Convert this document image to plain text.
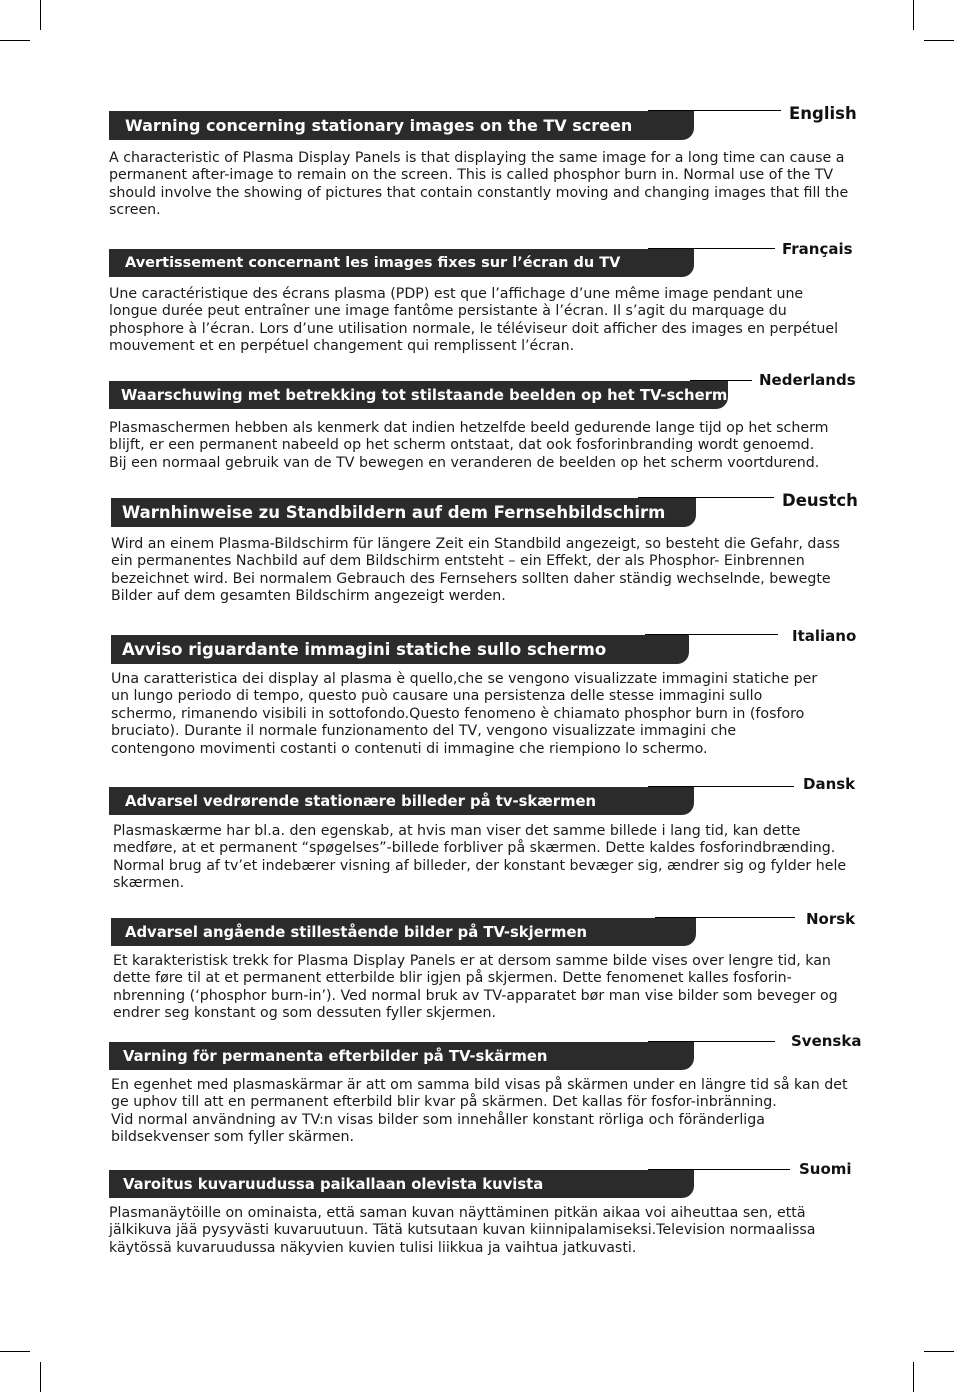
English
Warning concerning stationary images on the TV screen

A characteristic of Plasma Display Panels is that displaying the same image for a long time can cause a permanent after-image to remain on the screen. This is called phosphor burn in. Normal use of the TV should involve the showing of pictures that contain constantly moving and changing images that fill the screen.

Français
Avertissement concernant les images fixes sur l’écran du TV

Une caractéristique des écrans plasma (PDP) est que l’affichage d’une même image pendant une longue durée peut entraîner une image fantôme persistante à l’écran. Il s’agit du marquage du phosphore à l’écran. Lors d’une utilisation normale, le téléviseur doit afficher des images en perpétuel mouvement et en perpétuel changement qui remplissent l’écran.

Nederlands
Waarschuwing met betrekking tot stilstaande beelden op het TV-scherm

Plasmaschermen hebben als kenmerk dat indien hetzelfde beeld gedurende lange tijd op het scherm blijft, er een permanent nabeeld op het scherm ontstaat, dat ook fosforinbranding wordt genoemd.

Bij een normaal gebruik van de TV bewegen en veranderen de beelden op het scherm voortdurend.

Deustch
Warnhinweise zu Standbildern auf dem Fernsehbildschirm

Wird an einem Plasma-Bildschirm für längere Zeit ein Standbild angezeigt, so besteht die Gefahr, dass ein permanentes Nachbild auf dem Bildschirm entsteht – ein Effekt, der als Phosphor- Einbrennen bezeichnet wird. Bei normalem Gebrauch des Fernsehers sollten daher ständig wechselnde, bewegte Bilder auf dem gesamten Bildschirm angezeigt werden.

Italiano
Avviso riguardante immagini statiche sullo schermo

Una caratteristica dei display al plasma è quello,che se vengono visualizzate immagini statiche per un lungo periodo di tempo, questo può causare una persistenza delle stesse immagini sullo schermo, rimanendo visibili in sottofondo.Questo fenomeno è chiamato phosphor burn in (fosforo bruciato). Durante il normale funzionamento del TV, vengono visualizzate immagini che contengono movimenti costanti o contenuti di immagine che riempiono lo schermo.

Dansk
Advarsel vedrørende stationære billeder på tv-skærmen

Plasmaskærme har bl.a. den egenskab, at hvis man viser det samme billede i lang tid, kan dette medføre, at et permanent “spøgelses”-billede forbliver på skærmen. Dette kaldes fosforindbrænding.

Normal brug af tv’et indebærer visning af billeder, der konstant bevæger sig, ændrer sig og fylder hele skærmen.

Norsk
Advarsel angående stillestående bilder på TV-skjermen

Et karakteristisk trekk for Plasma Display Panels er at dersom samme bilde vises over lengre tid, kan dette føre til at et permanent etterbilde blir igjen på skjermen. Dette fenomenet kalles fosforin- nbrenning (‘phosphor burn-in’). Ved normal bruk av TV-apparatet bør man vise bilder som beveger og endrer seg konstant og som dessuten fyller skjermen.

Svenska
Varning för permanenta efterbilder på TV-skärmen

En egenhet med plasmaskärmar är att om samma bild visas på skärmen under en längre tid så kan det ge uphov till att en permanent efterbild blir kvar på skärmen. Det kallas för fosfor-inbränning.

Vid normal användning av TV:n visas bilder som innehåller konstant rörliga och föränderliga bildsekvenser som fyller skärmen.

Suomi
Varoitus kuvaruudussa paikallaan olevista kuvista

Plasmanäytöille on ominaista, että saman kuvan näyttäminen pitkän aikaa voi aiheuttaa sen, että jälkikuva jää pysyvästi kuvaruutuun. Tätä kutsutaan kuvan kiinnipalamiseksi.Television normaalissa käytössä kuvaruudussa näkyvien kuvien tulisi liikkua ja vaihtua jatkuvasti.
